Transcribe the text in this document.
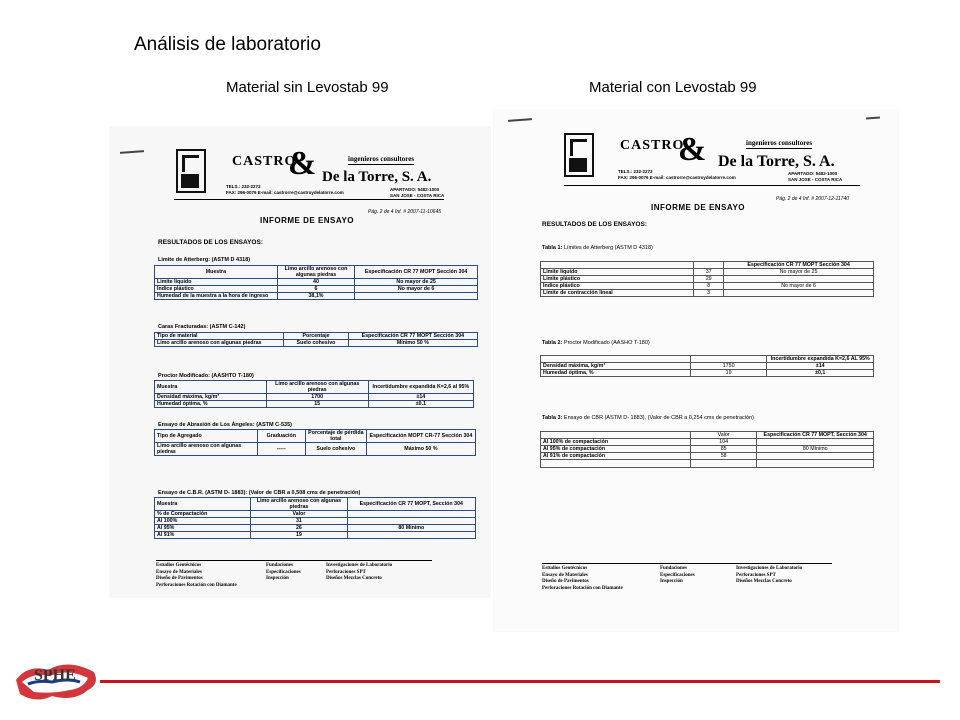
Análisis de laboratorio
Material sin Levostab 99	Material con Levostab 99
CASTRO
&	ingenieros consultores
De la Torre, S. A.
TELS.: 232-2273
FAX: 296-0076 E-mail: castrorre@castroydelatorre.com
APARTADO: 5482-1000
SAN JOSE - COSTA RICA
Pág. 2 de 4 Inf. # 2007-11-10645
INFORME DE ENSAYO
RESULTADOS DE LOS ENSAYOS:
Limite de Atterberg: (ASTM D 4318)
Muestra	Limo arcillo arenoso con algunas piedras	Especificación CR 77 MOPT Sección 304
Limite líquido	40	No mayor de 25
Índice plástico	6	No mayor de 6
Humedad de la muestra a la hora de ingreso	38,1%	
Caras Fracturadas: (ASTM C-142)
Tipo de material	Porcentaje	Especificación CR 77 MOPT Sección 304
Limo arcillo arenoso con algunas piedras	Suelo cohesivo	Mínimo 50 %
Proctor Modificado: (AASHTO T-180)
Muestra	Limo arcillo arenoso con algunas piedras	Incertidumbre expandida K=2,6 al 95%
Densidad máxima, kg/m³	1700	±14
Humedad óptima, %	15	±0.1
Ensayo de Abrasión de Los Ángeles: (ASTM C-535)
Tipo de Agregado	Graduación	Porcentaje de pérdida total	Especificación MOPT CR-77 Sección 304
Limo arcillo arenoso con algunas piedras	-----	Suelo cohesivo	Máximo 50 %
Ensayo de C.B.R. (ASTM D- 1883): (Valor de CBR a 0,508 cms de penetración)
Muestra	Limo arcillo arenoso con algunas piedras	Especificación CR 77 MOPT, Sección 304
% de Compactación	Valor	
Al 100%	31	
Al 95%	26	80 Mínimo
Al 91%	19	
Estudios Geotécnicos
Ensayo de Materiales
Diseño de Pavimentos
Perforaciones Rotación con Diamante
Fundaciones
Especificaciones
Inspección
Investigaciones de Laboratorio
Perforaciones SPT
Diseños Mezclas Concreto
CASTRO
&	ingenieros consultores
De la Torre, S. A.
TELS.: 232-2273
FAX: 296-0076 E-mail: castrorre@castroydelatorre.com
APARTADO: 5482-1000
SAN JOSE - COSTA RICA
Pág. 2 de 4 Inf. # 2007-12-11740
INFORME DE ENSAYO
RESULTADOS DE LOS ENSAYOS:
Tabla 1: Límites de Atterberg (ASTM D 4318)
		Especificación CR 77 MOPT Sección 304
Limite líquido	37	No mayor de 25
Limite plástico	29	
Índice plástico	8	No mayor de 6
Limite de contracción lineal	3	
Tabla 2: Proctor Modificado (AASHO T-180)
		Incertidumbre expandida K=2,6 AL 95%
Densidad máxima, kg/m³	1750	±14
Humedad óptima, %	19	±0,1
Tabla 3: Ensayo de CBR (ASTM D- 1883), (Valor de CBR a 0,254 cms de penetración)
	Valor	Especificación CR 77 MOPT, Sección 304
Al 100% de compactación	104	
Al 95% de compactación	85	80 Mínimo
Al 91% de compactación	58	

Estudios Geotécnicos
Ensayo de Materiales
Diseño de Pavimentos
Perforaciones Rotación con Diamante
Fundaciones
Especificaciones
Inspección
Investigaciones de Laboratorio
Perforaciones SPT
Diseños Mezclas Concreto
SPHE
